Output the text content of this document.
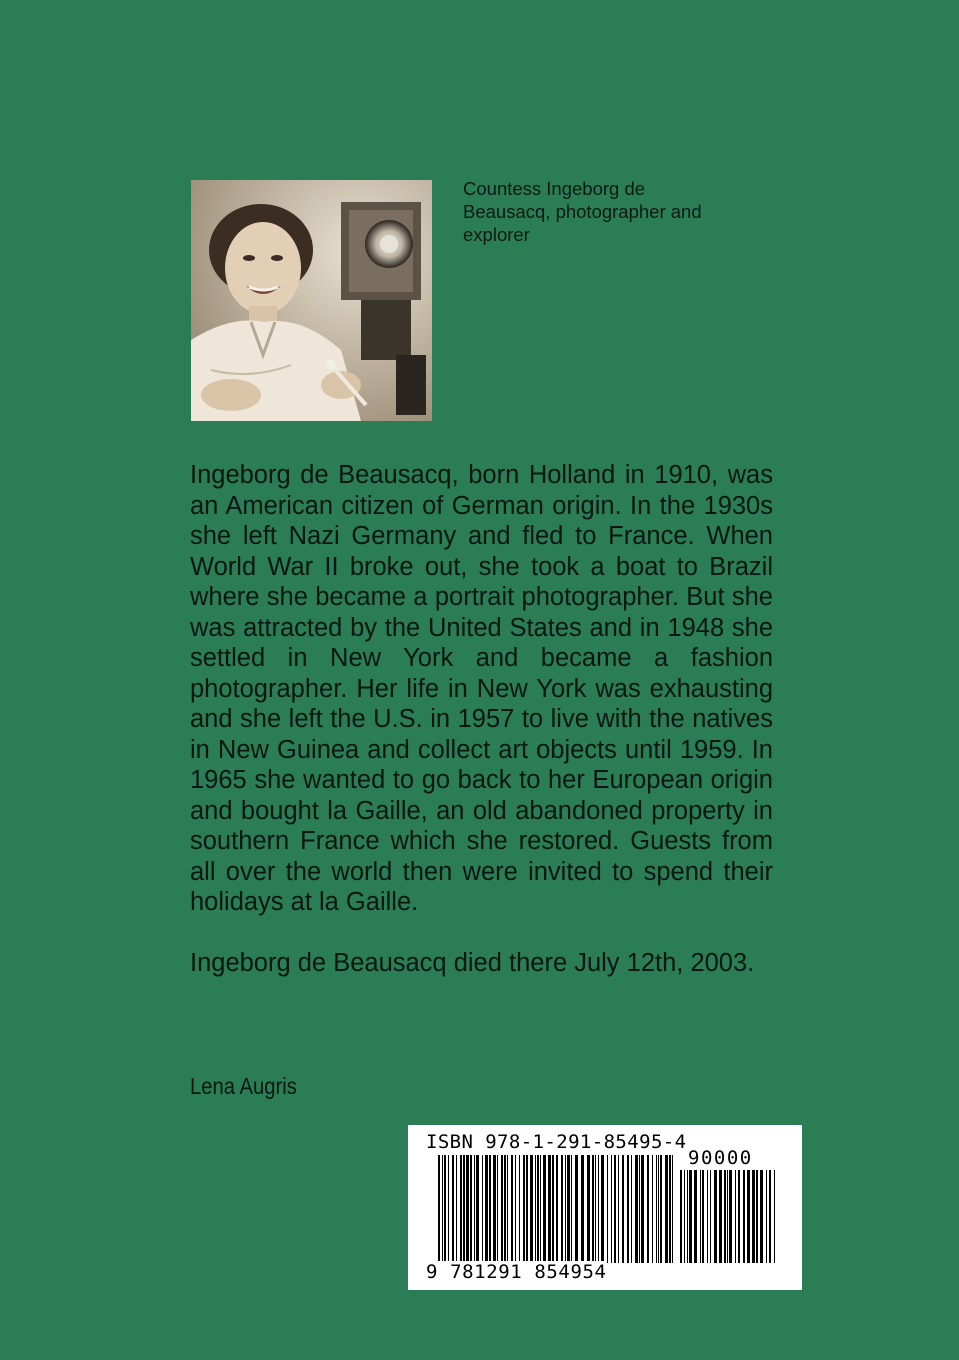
Countess Ingeborg de
Beausacq, photographer and
explorer

Ingeborg de Beausacq, born Holland in 1910, was an American citizen of German origin. In the 1930s she left Nazi Germany and fled to France. When World War II broke out, she took a boat to Brazil where she became a portrait photographer. But she was attracted by the United States and in 1948 she settled in New York and became a fashion photographer. Her life in New York was exhausting and she left the U.S. in 1957 to live with the natives in New Guinea and collect art objects until 1959. In 1965 she wanted to go back to her European origin and bought la Gaille, an old abandoned property in southern France which she restored. Guests from all over the world then were invited to spend their holidays at la Gaille.

Ingeborg de Beausacq died there July 12th, 2003.

Lena Augris
ISBN 978-1-291-85495-4
90000
9 781291 854954
